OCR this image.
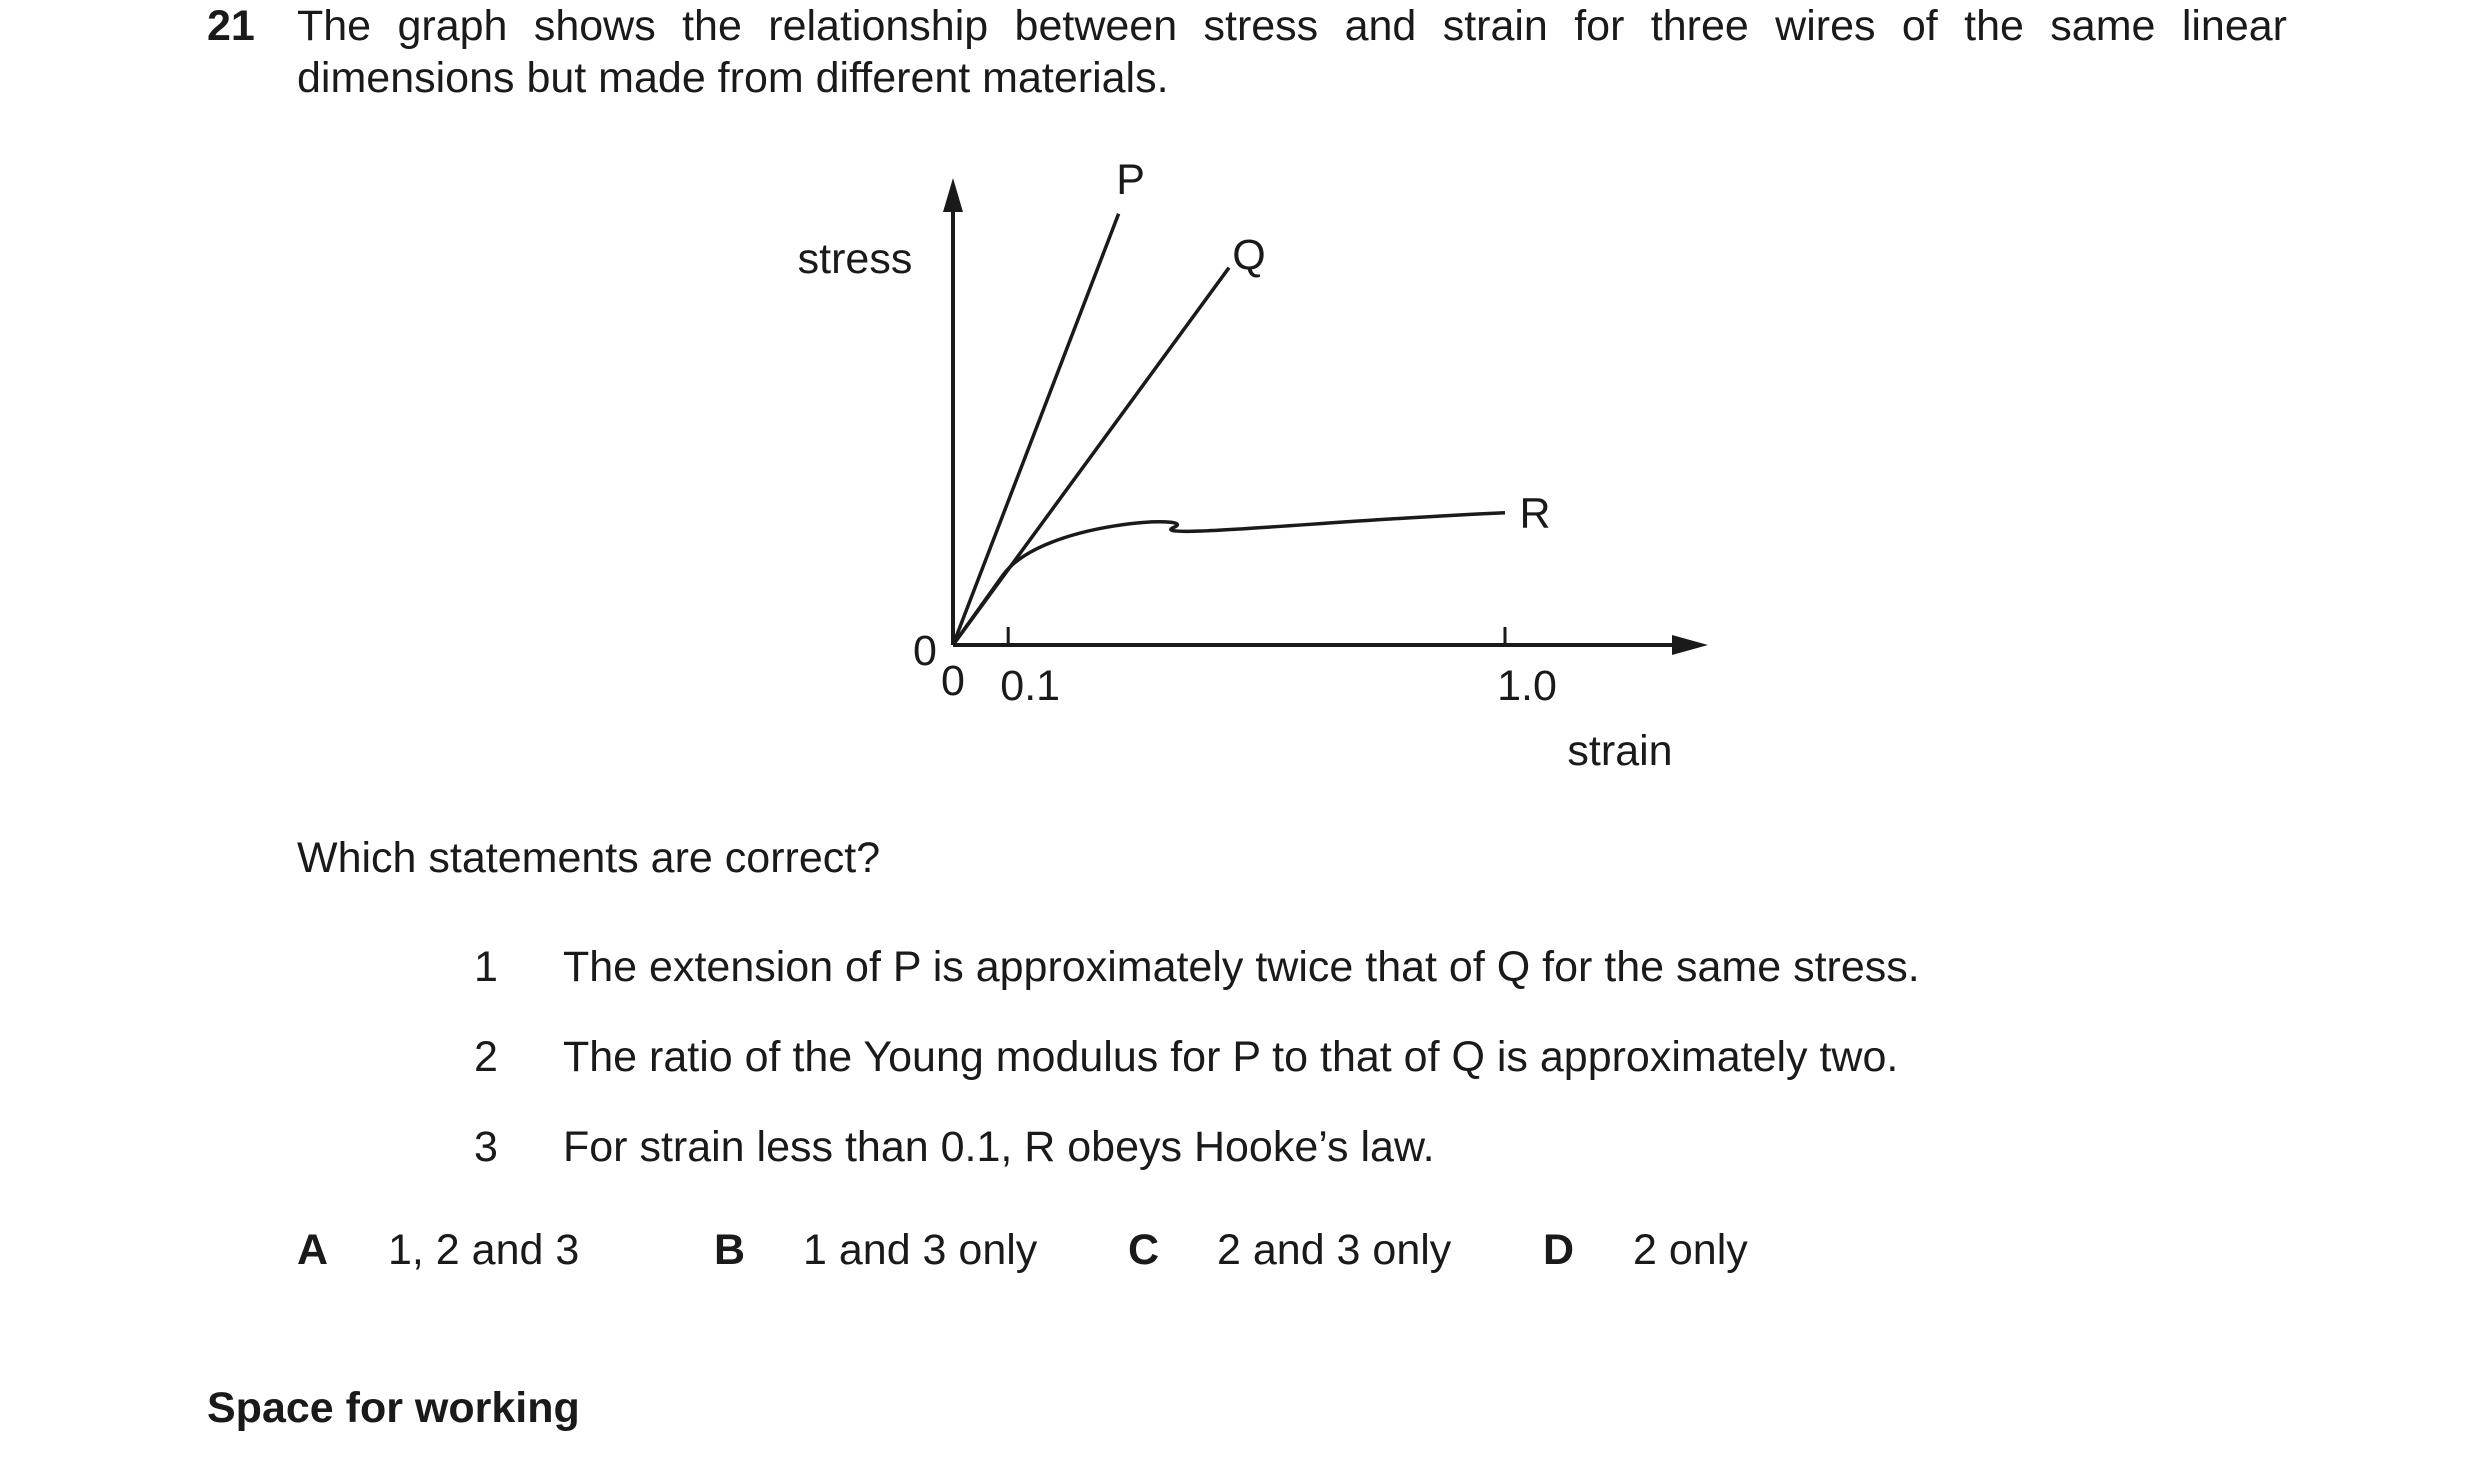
21 The graph shows the relationship between stress and strain for three wires of the same linear
dimensions but made from different materials.
0 0.1	1.0
P
Q
R
stress
strain
0
Which statements are correct?
1 The extension of P is approximately twice that of Q for the same stress.
2 The ratio of the Young modulus for P to that of Q is approximately two.
3 For strain less than 0.1, R obeys Hooke’s law.
A 1, 2 and 3	B 1 and 3 only C 2 and 3 only D 2 only
Space for working
